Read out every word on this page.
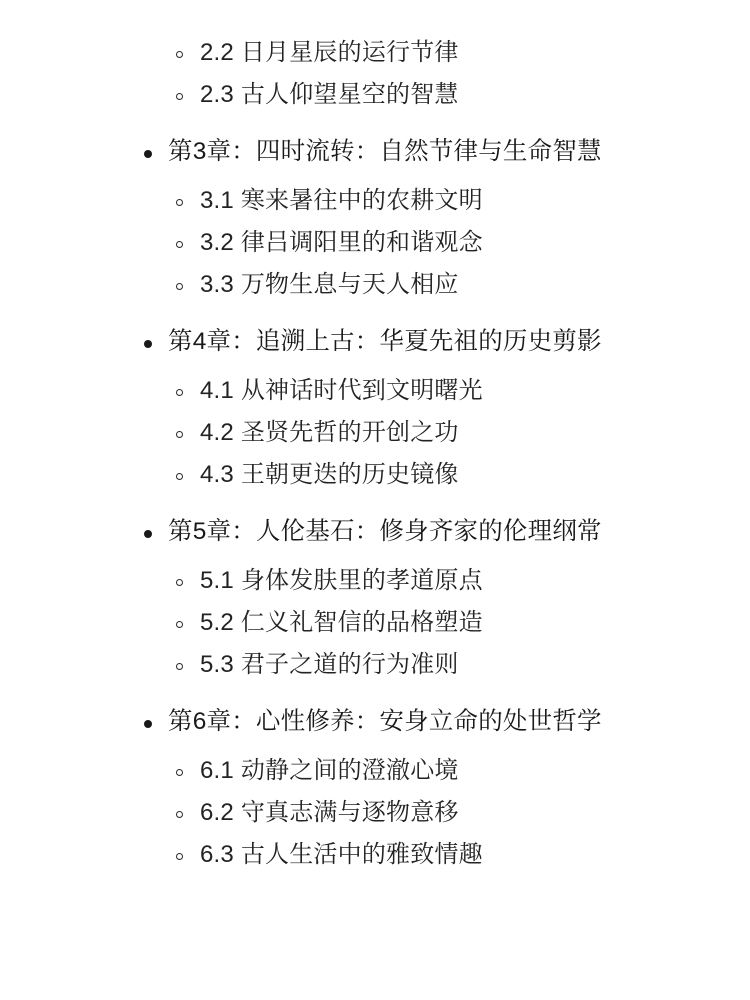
2.2 日月星辰的运行节律
2.3 古人仰望星空的智慧
第3章：四时流转：自然节律与生命智慧
3.1 寒来暑往中的农耕文明
3.2 律吕调阳里的和谐观念
3.3 万物生息与天人相应
第4章：追溯上古：华夏先祖的历史剪影
4.1 从神话时代到文明曙光
4.2 圣贤先哲的开创之功
4.3 王朝更迭的历史镜像
第5章：人伦基石：修身齐家的伦理纲常
5.1 身体发肤里的孝道原点
5.2 仁义礼智信的品格塑造
5.3 君子之道的行为准则
第6章：心性修养：安身立命的处世哲学
6.1 动静之间的澄澈心境
6.2 守真志满与逐物意移
6.3 古人生活中的雅致情趣
